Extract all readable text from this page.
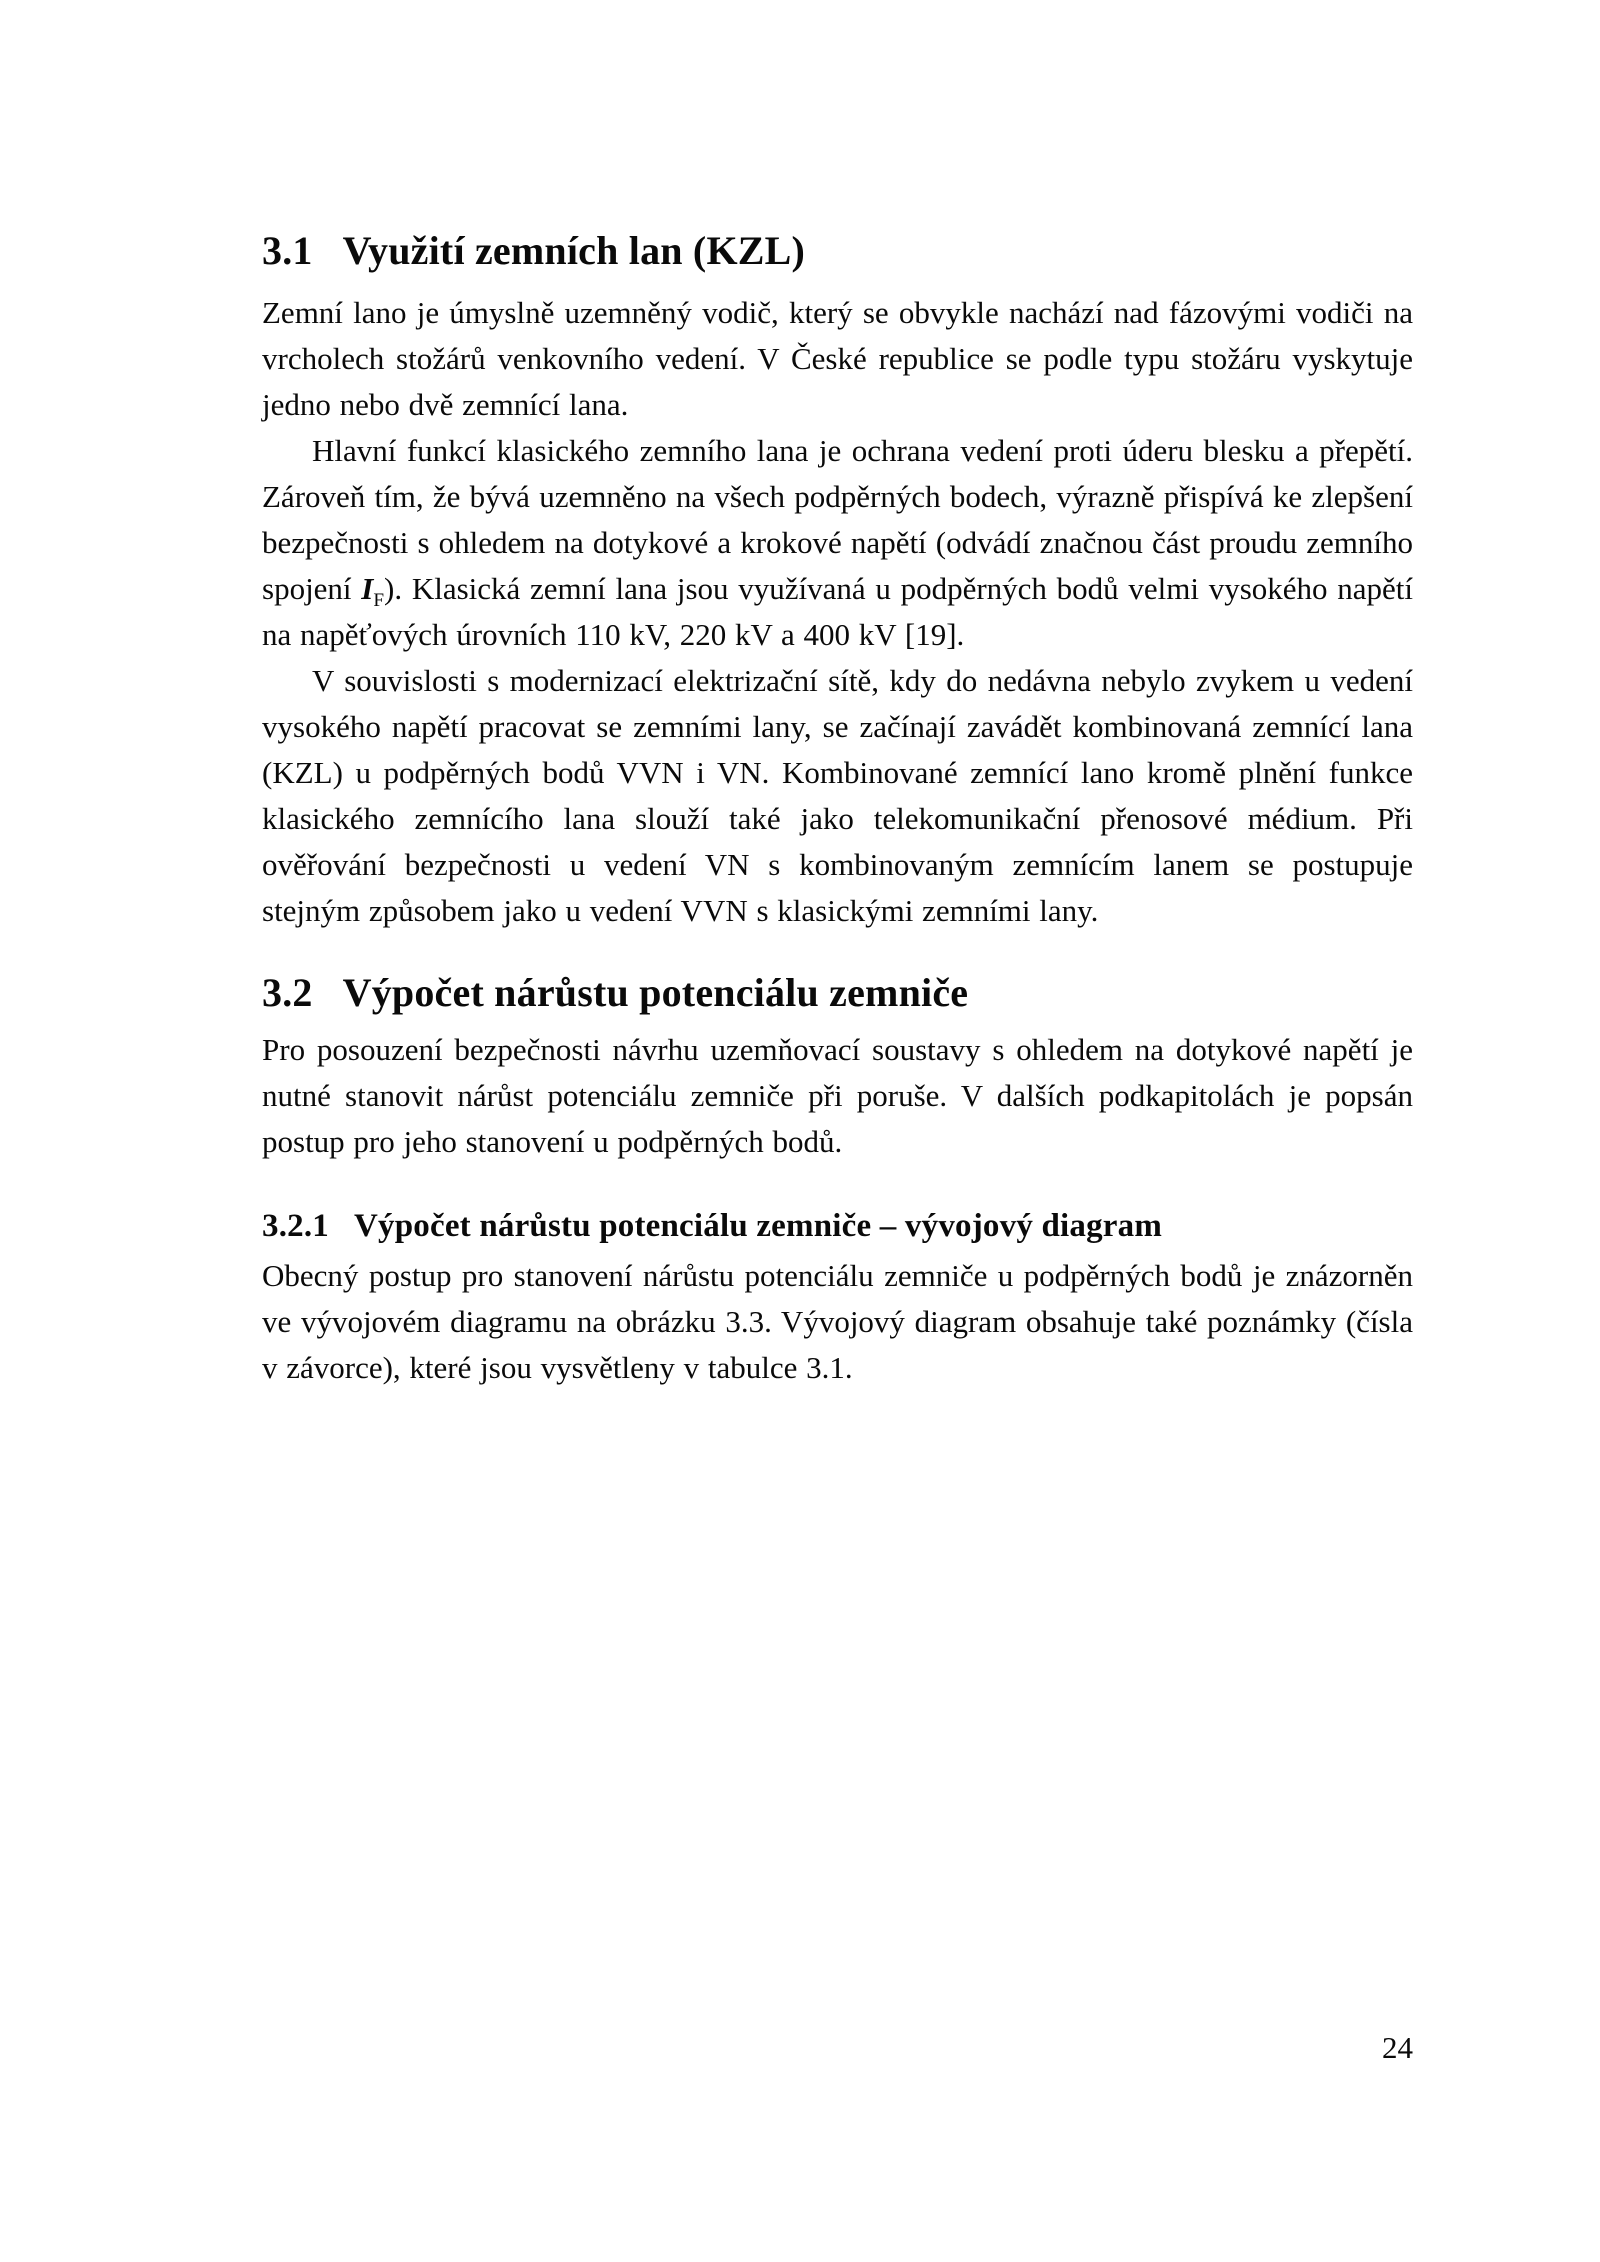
3.1 Využití zemních lan (KZL)

Zemní lano je úmyslně uzemněný vodič, který se obvykle nachází nad fázovými vodiči na vrcholech stožárů venkovního vedení. V České republice se podle typu stožáru vyskytuje jedno nebo dvě zemnící lana.

Hlavní funkcí klasického zemního lana je ochrana vedení proti úderu blesku a přepětí. Zároveň tím, že bývá uzemněno na všech podpěrných bodech, výrazně přispívá ke zlepšení bezpečnosti s ohledem na dotykové a krokové napětí (odvádí značnou část proudu zemního spojení $I_F$). Klasická zemní lana jsou využívaná u podpěrných bodů velmi vysokého napětí na napěťových úrovních 110 kV, 220 kV a 400 kV [19].

V souvislosti s modernizací elektrizační sítě, kdy do nedávna nebylo zvykem u vedení vysokého napětí pracovat se zemními lany, se začínají zavádět kombinovaná zemnící lana (KZL) u podpěrných bodů VVN i VN. Kombinované zemnící lano kromě plnění funkce klasického zemnícího lana slouží také jako telekomunikační přenosové médium. Při ověřování bezpečnosti u vedení VN s kombinovaným zemnícím lanem se postupuje stejným způsobem jako u vedení VVN s klasickými zemními lany.

3.2 Výpočet nárůstu potenciálu zemniče

Pro posouzení bezpečnosti návrhu uzemňovací soustavy s ohledem na dotykové napětí je nutné stanovit nárůst potenciálu zemniče při poruše. V dalších podkapitolách je popsán postup pro jeho stanovení u podpěrných bodů.

3.2.1 Výpočet nárůstu potenciálu zemniče – vývojový diagram

Obecný postup pro stanovení nárůstu potenciálu zemniče u podpěrných bodů je znázorněn ve vývojovém diagramu na obrázku 3.3. Vývojový diagram obsahuje také poznámky (čísla v závorce), které jsou vysvětleny v tabulce 3.1.

24
